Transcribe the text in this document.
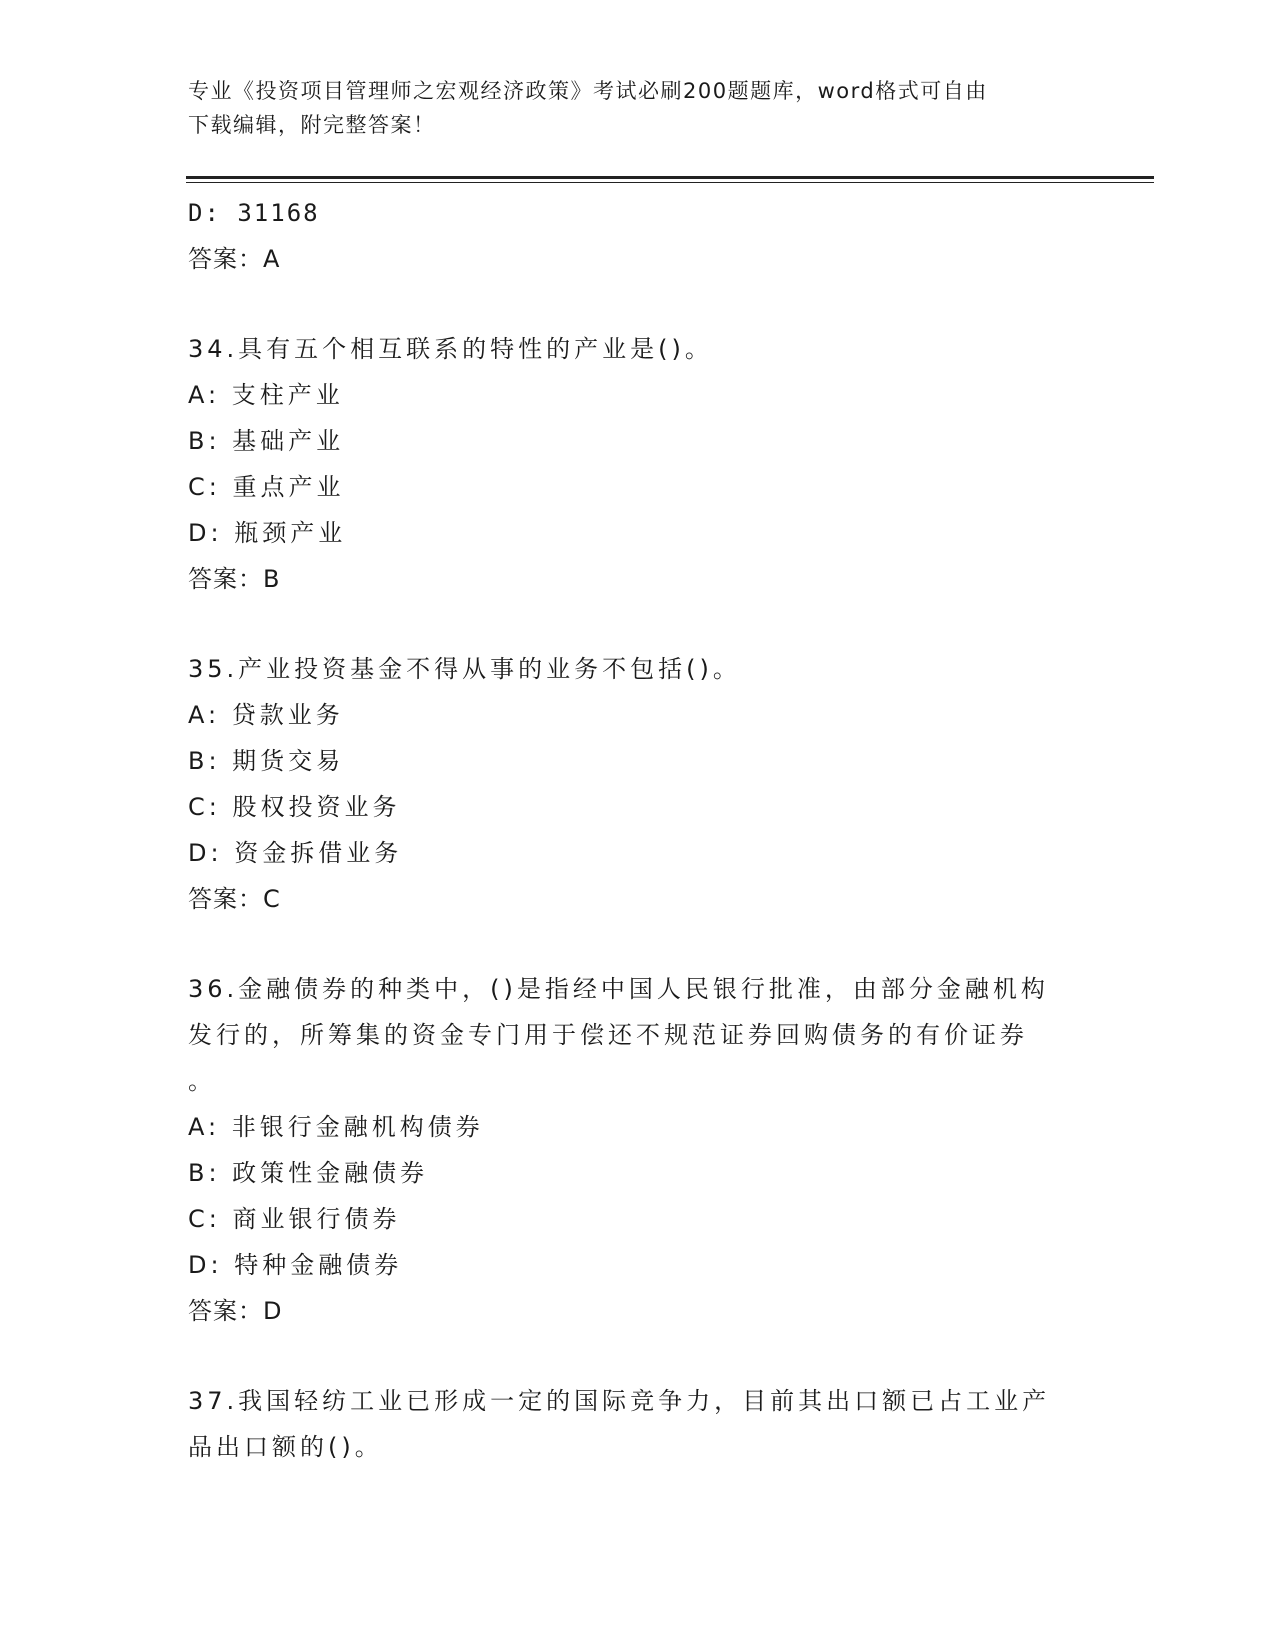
专业《投资项目管理师之宏观经济政策》考试必刷200题题库，word格式可自由
下载编辑，附完整答案！
D: 31168
答案：A
34.具有五个相互联系的特性的产业是()。
A: 支柱产业
B: 基础产业
C: 重点产业
D: 瓶颈产业
答案：B
35.产业投资基金不得从事的业务不包括()。
A: 贷款业务
B: 期货交易
C: 股权投资业务
D: 资金拆借业务
答案：C
36.金融债券的种类中，()是指经中国人民银行批准，由部分金融机构
发行的，所筹集的资金专门用于偿还不规范证券回购债务的有价证券
。
A: 非银行金融机构债券
B: 政策性金融债券
C: 商业银行债券
D: 特种金融债券
答案：D
37.我国轻纺工业已形成一定的国际竞争力，目前其出口额已占工业产
品出口额的()。
